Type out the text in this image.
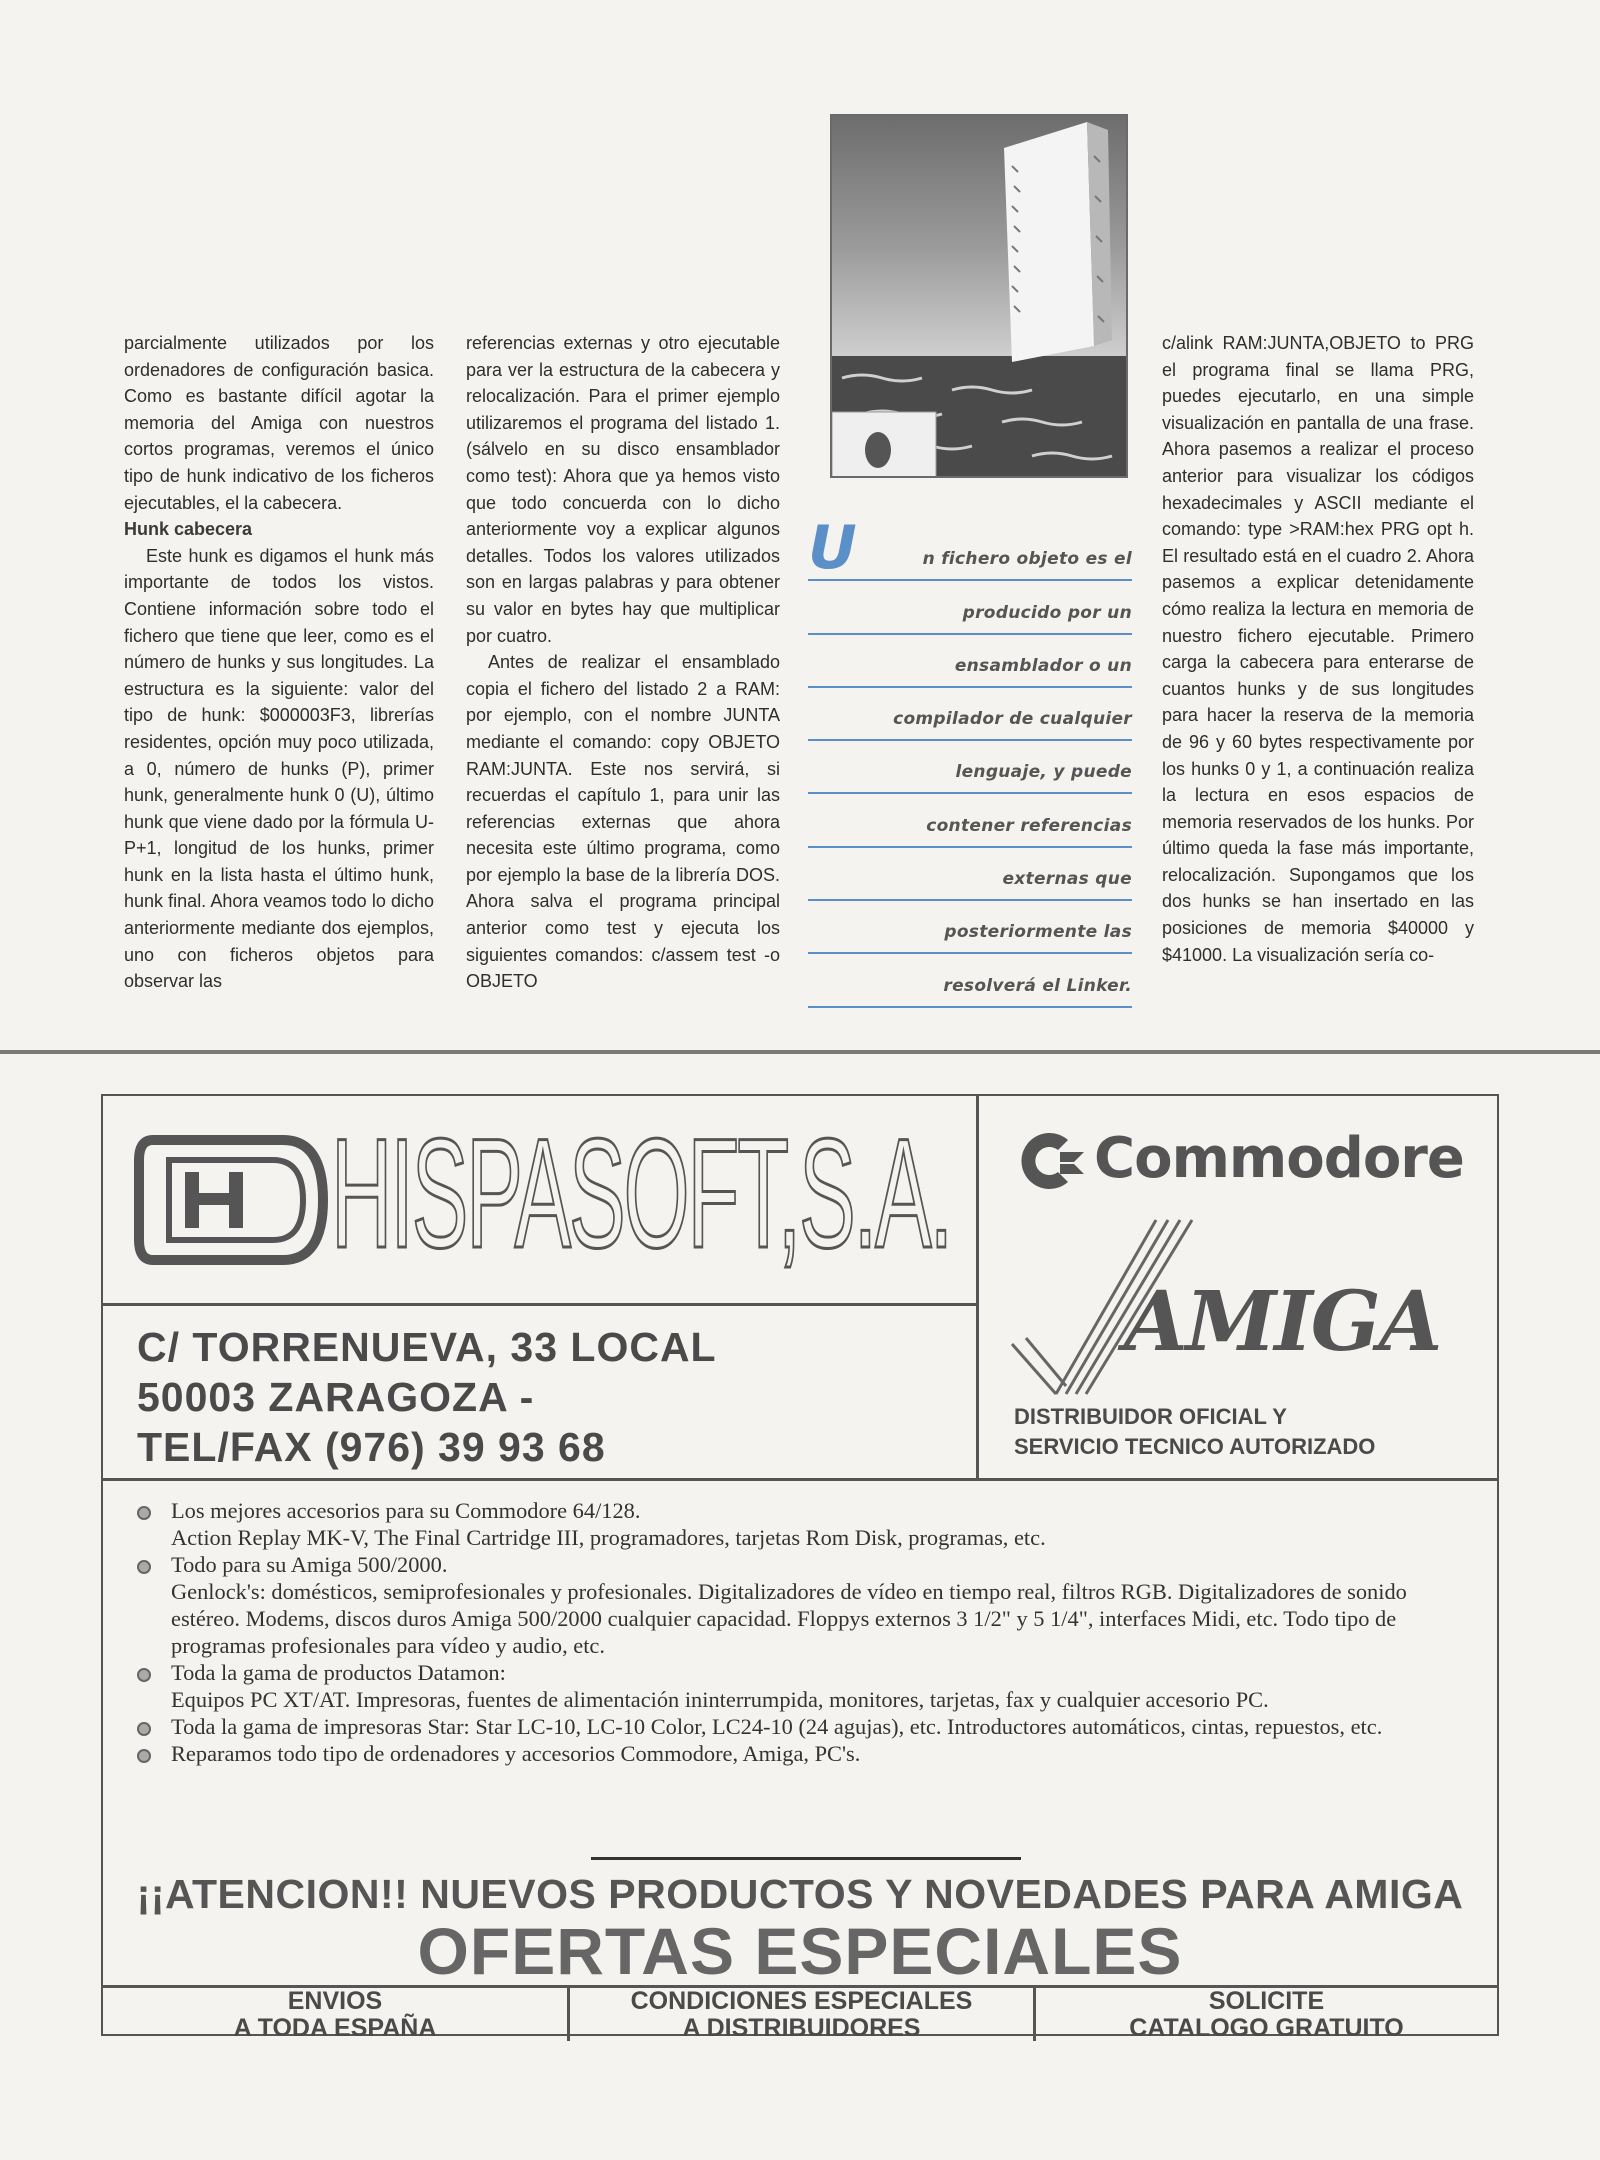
parcialmente utilizados por los ordenadores de configuración basica. Como es bastante difícil agotar la memoria del Amiga con nuestros cortos programas, veremos el único tipo de hunk indicativo de los ficheros ejecutables, el la cabecera.

Hunk cabecera

Este hunk es digamos el hunk más importante de todos los vistos. Contiene información sobre todo el fichero que tiene que leer, como es el número de hunks y sus longitudes. La estructura es la siguiente: valor del tipo de hunk: $000003F3, librerías residentes, opción muy poco utilizada, a 0, número de hunks (P), primer hunk, generalmente hunk 0 (U), último hunk que viene dado por la fórmula U-P+1, longitud de los hunks, primer hunk en la lista hasta el último hunk, hunk final. Ahora veamos todo lo dicho anteriormente mediante dos ejemplos, uno con ficheros objetos para observar las

referencias externas y otro ejecutable para ver la estructura de la cabecera y relocalización. Para el primer ejemplo utilizaremos el programa del listado 1. (sálvelo en su disco ensamblador como test): Ahora que ya hemos visto que todo concuerda con lo dicho anteriormente voy a explicar algunos detalles. Todos los valores utilizados son en largas palabras y para obtener su valor en bytes hay que multiplicar por cuatro.

Antes de realizar el ensamblado copia el fichero del listado 2 a RAM: por ejemplo, con el nombre JUNTA mediante el comando: copy OBJETO RAM:JUNTA. Este nos servirá, si recuerdas el capítulo 1, para unir las referencias externas que ahora necesita este último programa, como por ejemplo la base de la librería DOS. Ahora salva el programa principal anterior como test y ejecuta los siguientes comandos: c/assem test -o OBJETO

U	n fichero objeto es el
producido por un
ensamblador o un
compilador de cualquier
lenguaje, y puede
contener referencias
externas que
posteriormente las
resolverá el Linker.

c/alink RAM:JUNTA,OBJETO to PRG el programa final se llama PRG, puedes ejecutarlo, en una simple visualización en pantalla de una frase. Ahora pasemos a realizar el proceso anterior para visualizar los códigos hexadecimales y ASCII mediante el comando: type >RAM:hex PRG opt h. El resultado está en el cuadro 2. Ahora pasemos a explicar detenidamente cómo realiza la lectura en memoria de nuestro fichero ejecutable. Primero carga la cabecera para enterarse de cuantos hunks y de sus longitudes para hacer la reserva de la memoria de 96 y 60 bytes respectivamente por los hunks 0 y 1, a continuación realiza la lectura en esos espacios de memoria reservados de los hunks. Por último queda la fase más importante, relocalización. Supongamos que los dos hunks se han insertado en las posiciones de memoria $40000 y $41000. La visualización sería co-

HISPASOFT,S.A.
C/ TORRENUEVA, 33 LOCAL
50003 ZARAGOZA -
TEL/FAX (976) 39 93 68
Commodore
AMIGA
DISTRIBUIDOR OFICIAL Y
SERVICIO TECNICO AUTORIZADO
Los mejores accesorios para su Commodore 64/128.
Action Replay MK-V, The Final Cartridge III, programadores, tarjetas Rom Disk, programas, etc.
Todo para su Amiga 500/2000.
Genlock's: domésticos, semiprofesionales y profesionales. Digitalizadores de vídeo en tiempo real, filtros RGB. Digitalizadores de sonido estéreo. Modems, discos duros Amiga 500/2000 cualquier capacidad. Floppys externos 3 1/2" y 5 1/4", interfaces Midi, etc. Todo tipo de programas profesionales para vídeo y audio, etc.
Toda la gama de productos Datamon:
Equipos PC XT/AT. Impresoras, fuentes de alimentación ininterrumpida, monitores, tarjetas, fax y cualquier accesorio PC.
Toda la gama de impresoras Star: Star LC-10, LC-10 Color, LC24-10 (24 agujas), etc. Introductores automáticos, cintas, repuestos, etc.
Reparamos todo tipo de ordenadores y accesorios Commodore, Amiga, PC's.
¡¡ATENCION!! NUEVOS PRODUCTOS Y NOVEDADES PARA AMIGA
OFERTAS ESPECIALES
ENVIOS
A TODA ESPAÑA
CONDICIONES ESPECIALES
A DISTRIBUIDORES
SOLICITE
CATALOGO GRATUITO
